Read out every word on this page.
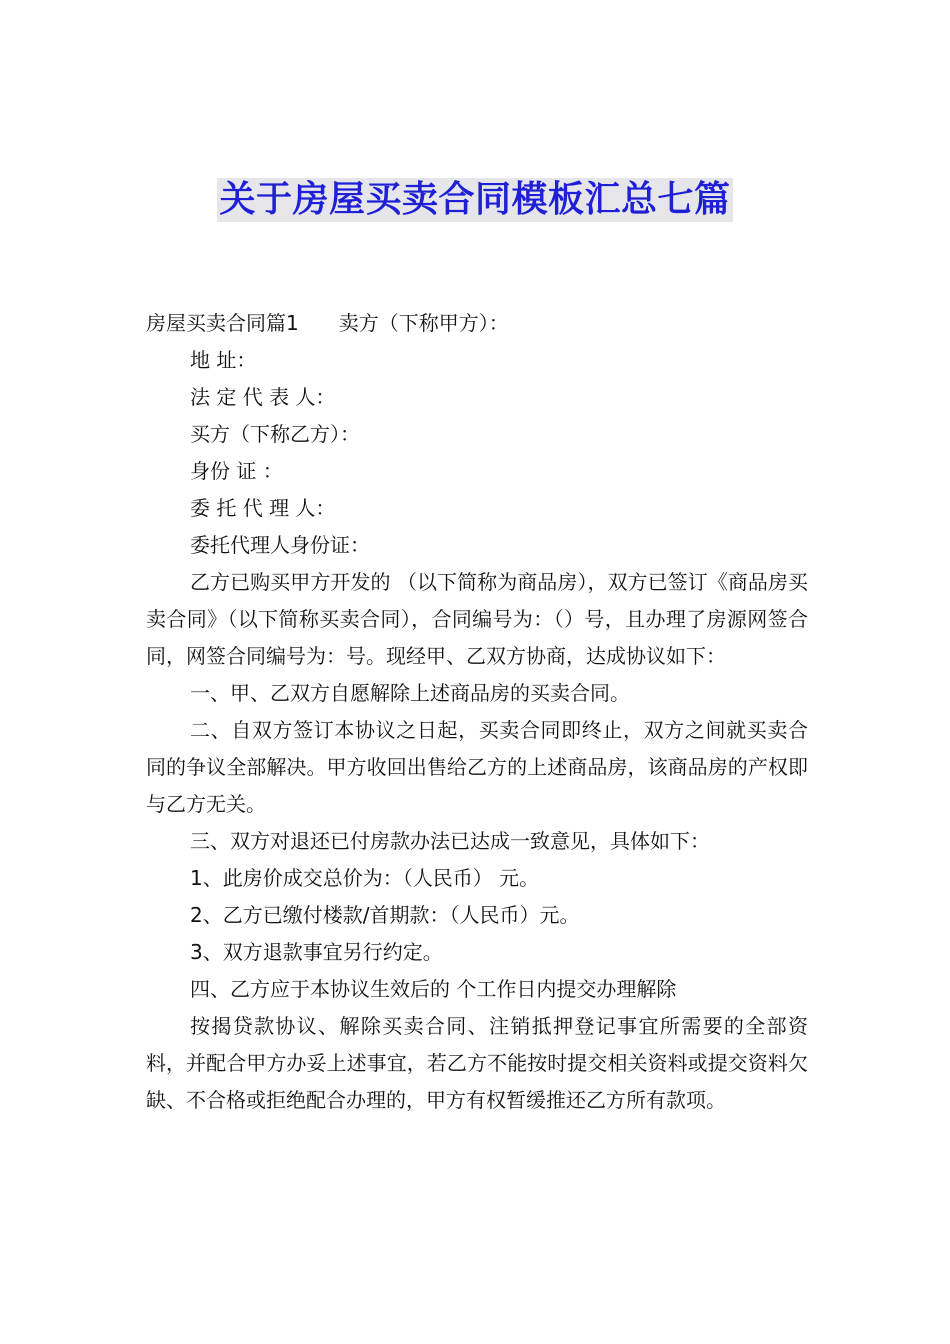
关于房屋买卖合同模板汇总七篇
房屋买卖合同篇1 卖方（下称甲方）：
地 址：
法 定 代 表 人：
买方（下称乙方）：
身份 证 ：
委 托 代 理 人：
委托代理人身份证：
乙方已购买甲方开发的 （以下简称为商品房），双方已签订《商品房买卖合同》（以下简称买卖合同），合同编号为：（）号，且办理了房源网签合同，网签合同编号为：号。现经甲、乙双方协商，达成协议如下：
一、甲、乙双方自愿解除上述商品房的买卖合同。
二、自双方签订本协议之日起，买卖合同即终止，双方之间就买卖合同的争议全部解决。甲方收回出售给乙方的上述商品房，该商品房的产权即与乙方无关。
三、双方对退还已付房款办法已达成一致意见，具体如下：
1、此房价成交总价为：（人民币） 元。
2、乙方已缴付楼款/首期款：（人民币）元。
3、双方退款事宜另行约定。
四、乙方应于本协议生效后的 个工作日内提交办理解除
按揭贷款协议、解除买卖合同、注销抵押登记事宜所需要的全部资料，并配合甲方办妥上述事宜，若乙方不能按时提交相关资料或提交资料欠缺、不合格或拒绝配合办理的，甲方有权暂缓推还乙方所有款项。
